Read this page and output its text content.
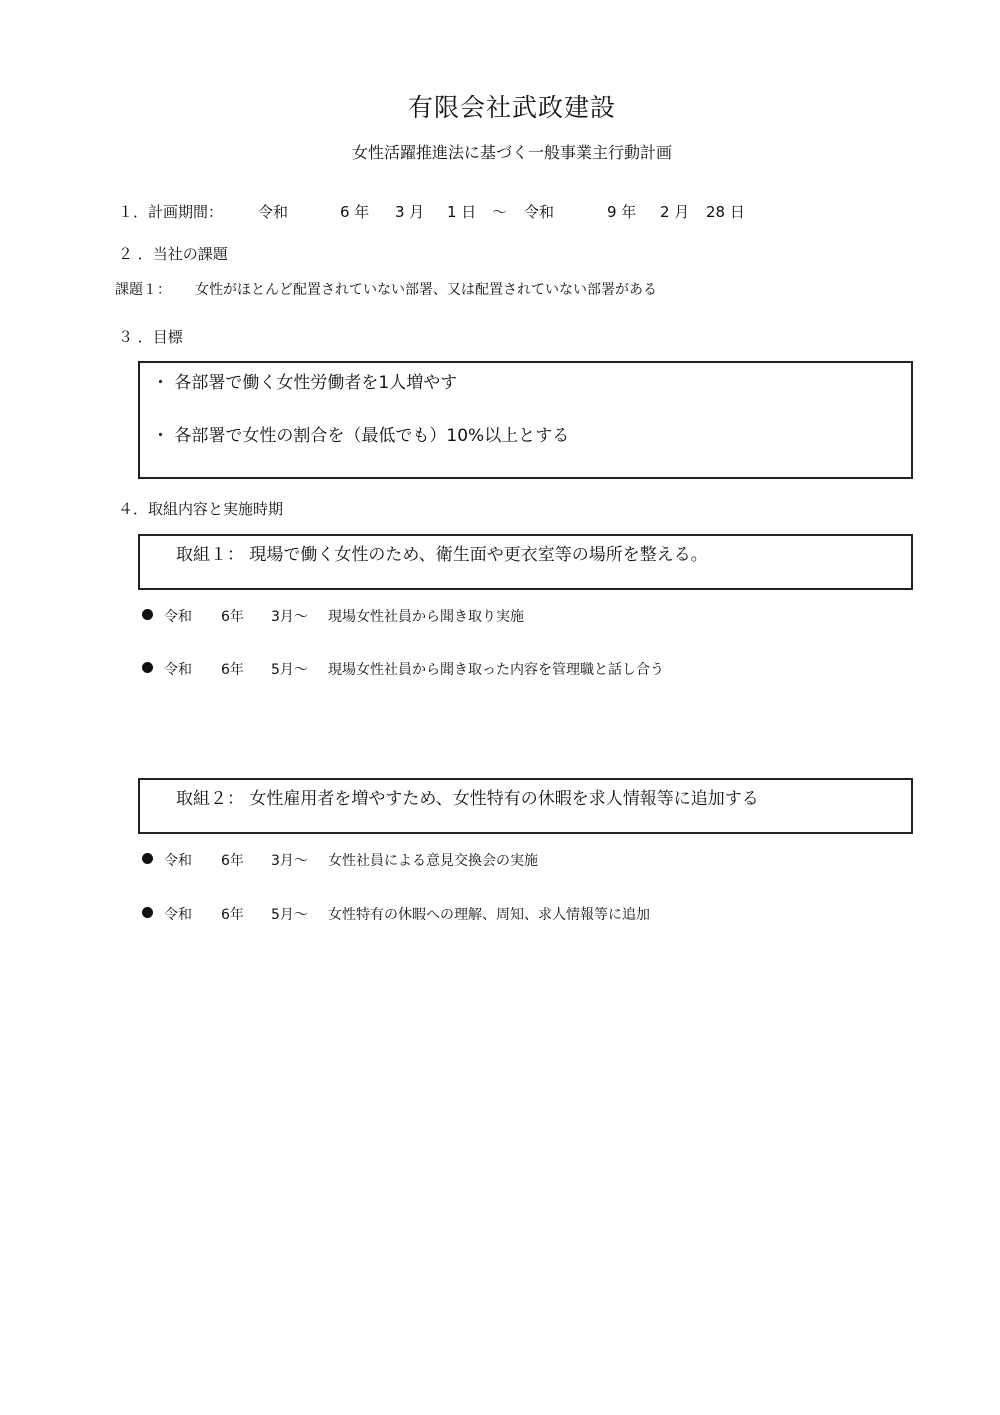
有限会社武政建設
女性活躍推進法に基づく一般事業主行動計画
１．計画期間： 令和	6 年 3 月 1 日 〜 令和	9 年 2 月 28 日
２ ．当社の課題
課題１： 女性がほとんど配置されていない部署、又は配置されていない部署がある
３ ．目標
・ 各部署で働く女性労働者を1人増やす
・ 各部署で女性の割合を（最低でも）10%以上とする
４．取組内容と実施時期
取組１： 現場で働く女性のため、衛生面や更衣室等の場所を整える。
令和 6年 3月〜 現場女性社員から聞き取り実施
令和 6年 5月〜 現場女性社員から聞き取った内容を管理職と話し合う
取組２： 女性雇用者を増やすため、女性特有の休暇を求人情報等に追加する
令和 6年 3月〜 女性社員による意見交換会の実施
令和 6年 5月〜 女性特有の休暇への理解、周知、求人情報等に追加
